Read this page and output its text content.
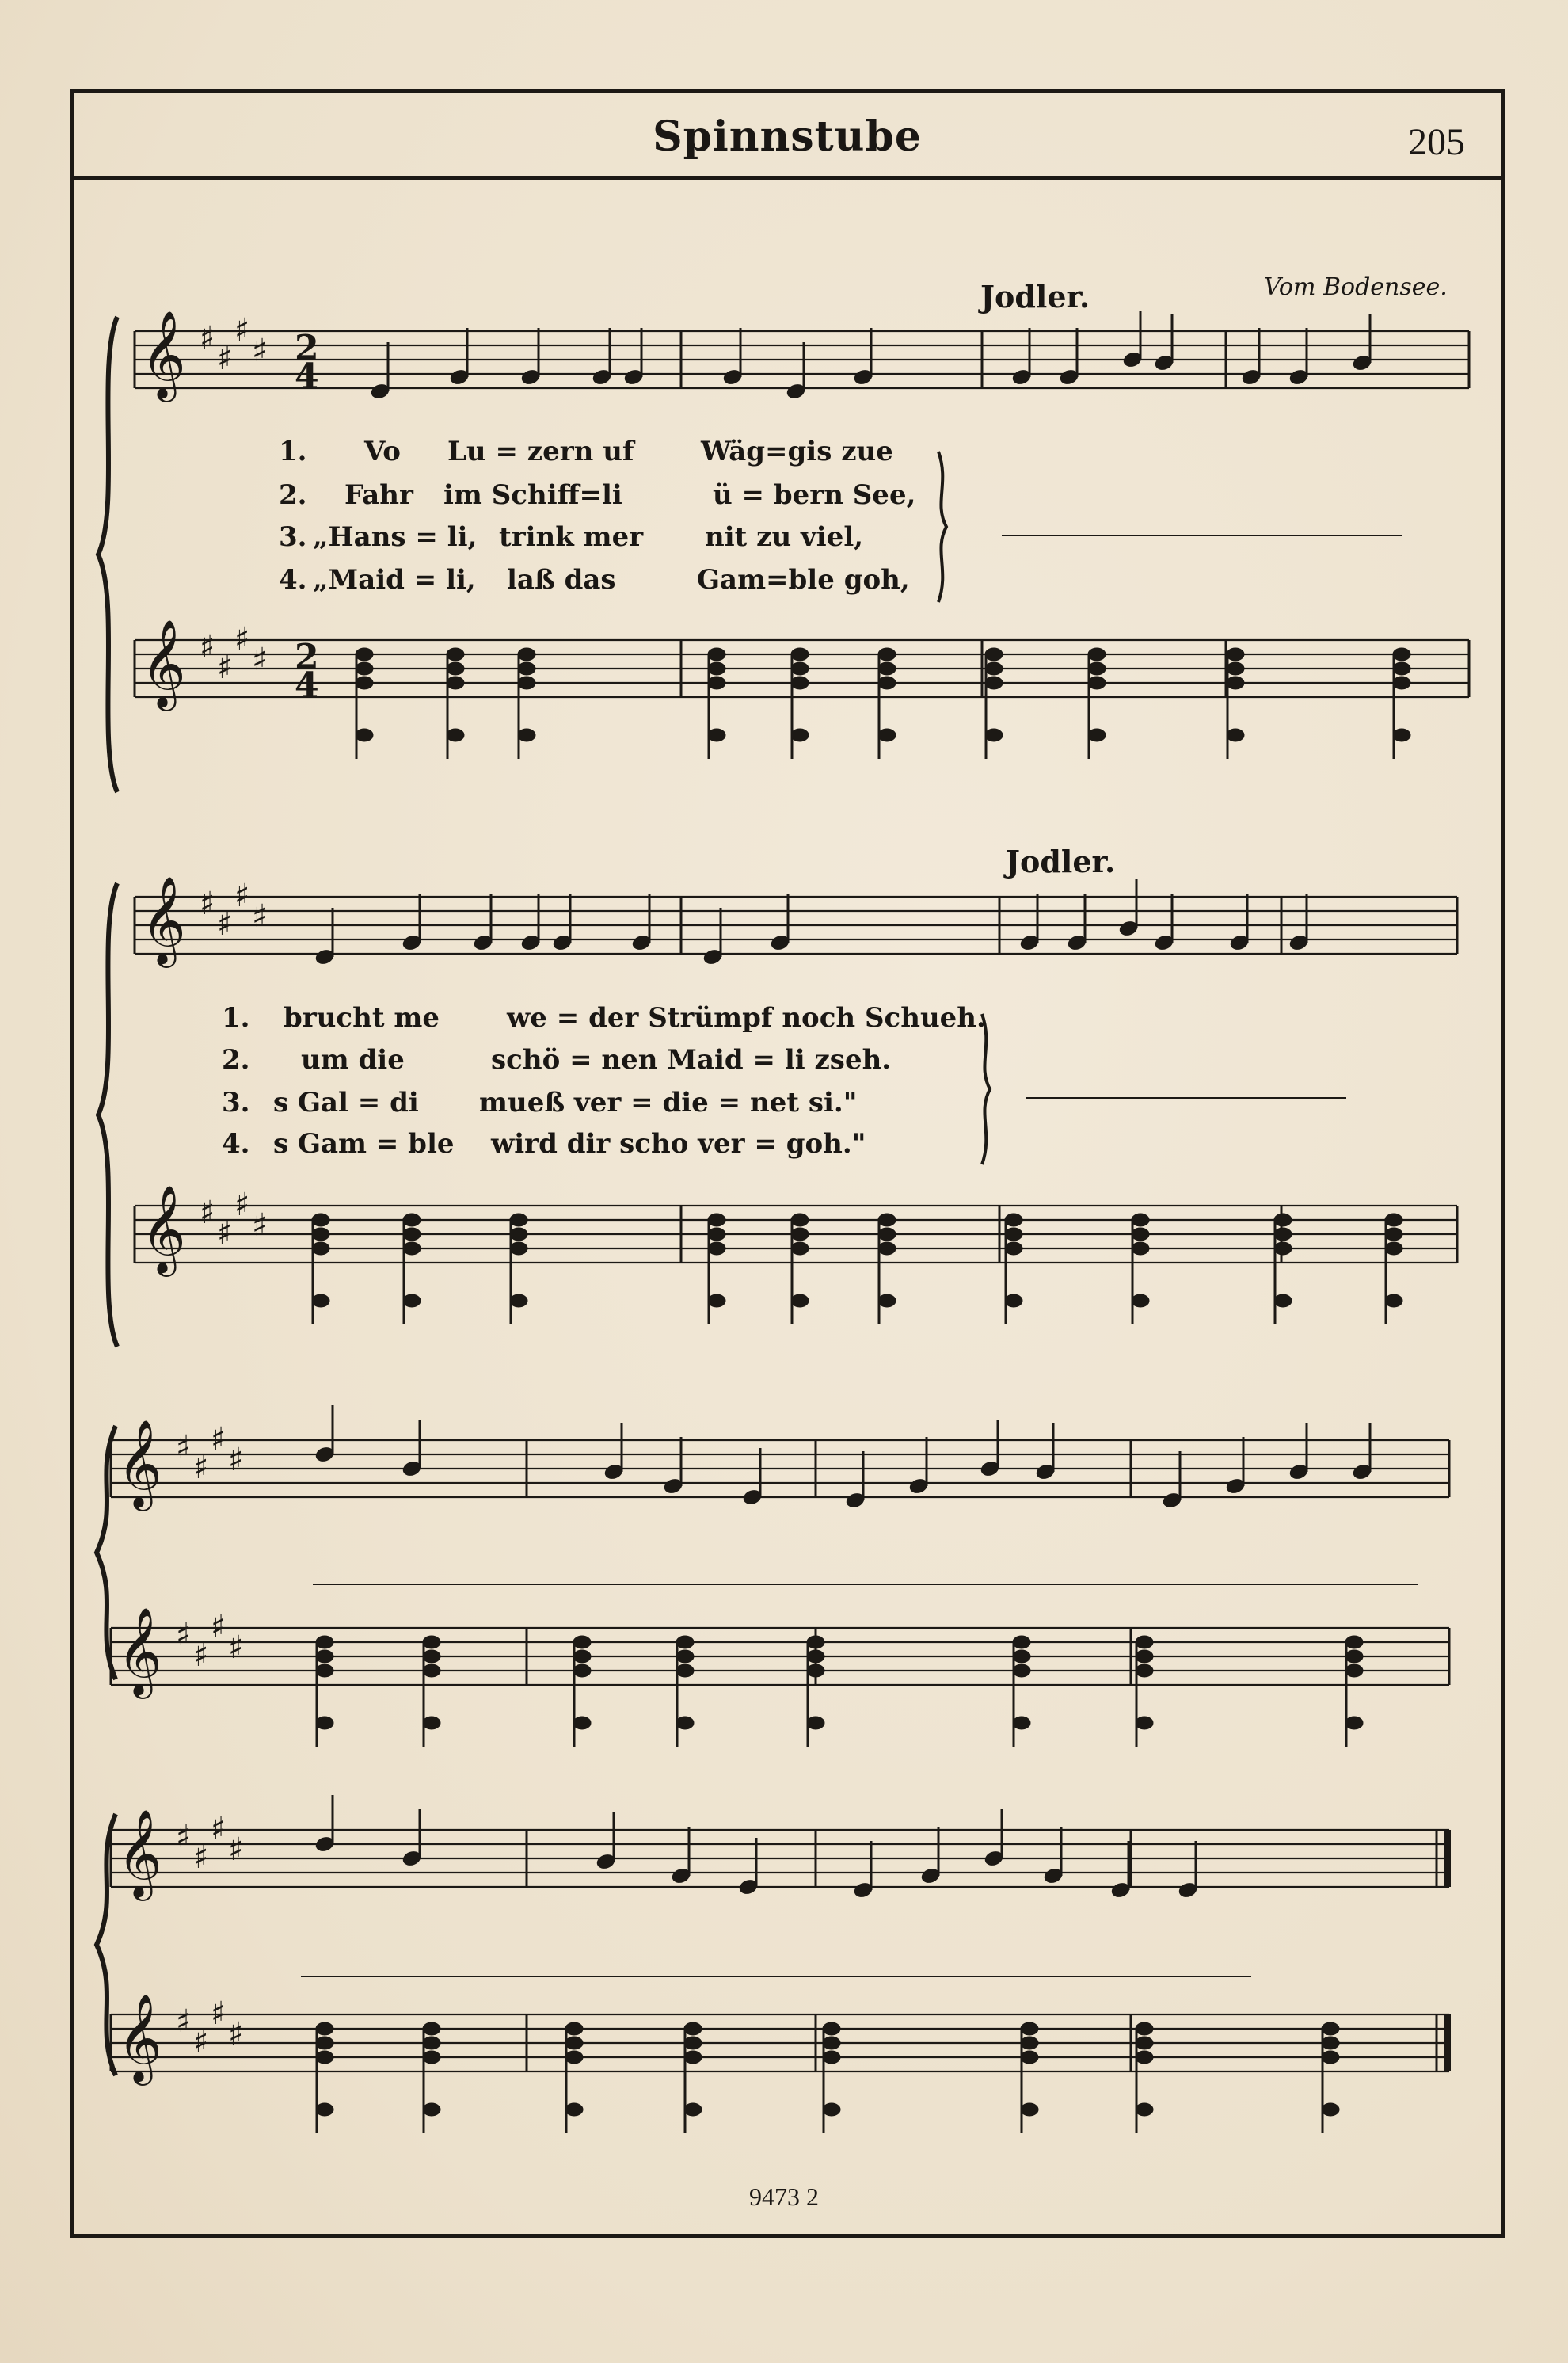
Spinnstube	205
Jodler.	Vom Bodensee.
Jodler.
1. Vo Lu = zern uf Wäg=gis zue
2. Fahr im Schiff=li	ü = bern See,
3. „Hans = li, trink mer nit zu viel,
4. „Maid = li, laß das	Gam=ble goh,
1. brucht me	we = der Strümpf noch Schueh.
2. um die	schö = nen Maid = li zseh.
3. s Gal = di mueß ver = die = net si."
4. s Gam = ble wird dir scho ver = goh."
𝄞 ♯
♯
♯
♯
𝄞 ♯
♯
♯
♯
𝄞 ♯
♯
♯
♯
𝄞 ♯
♯
♯
♯
𝄞 ♯
♯
♯
♯
𝄞 ♯
♯
♯
♯
𝄞 ♯
♯
♯
♯
𝄞 ♯
♯
♯
♯
2
4
2
4
9473 2
